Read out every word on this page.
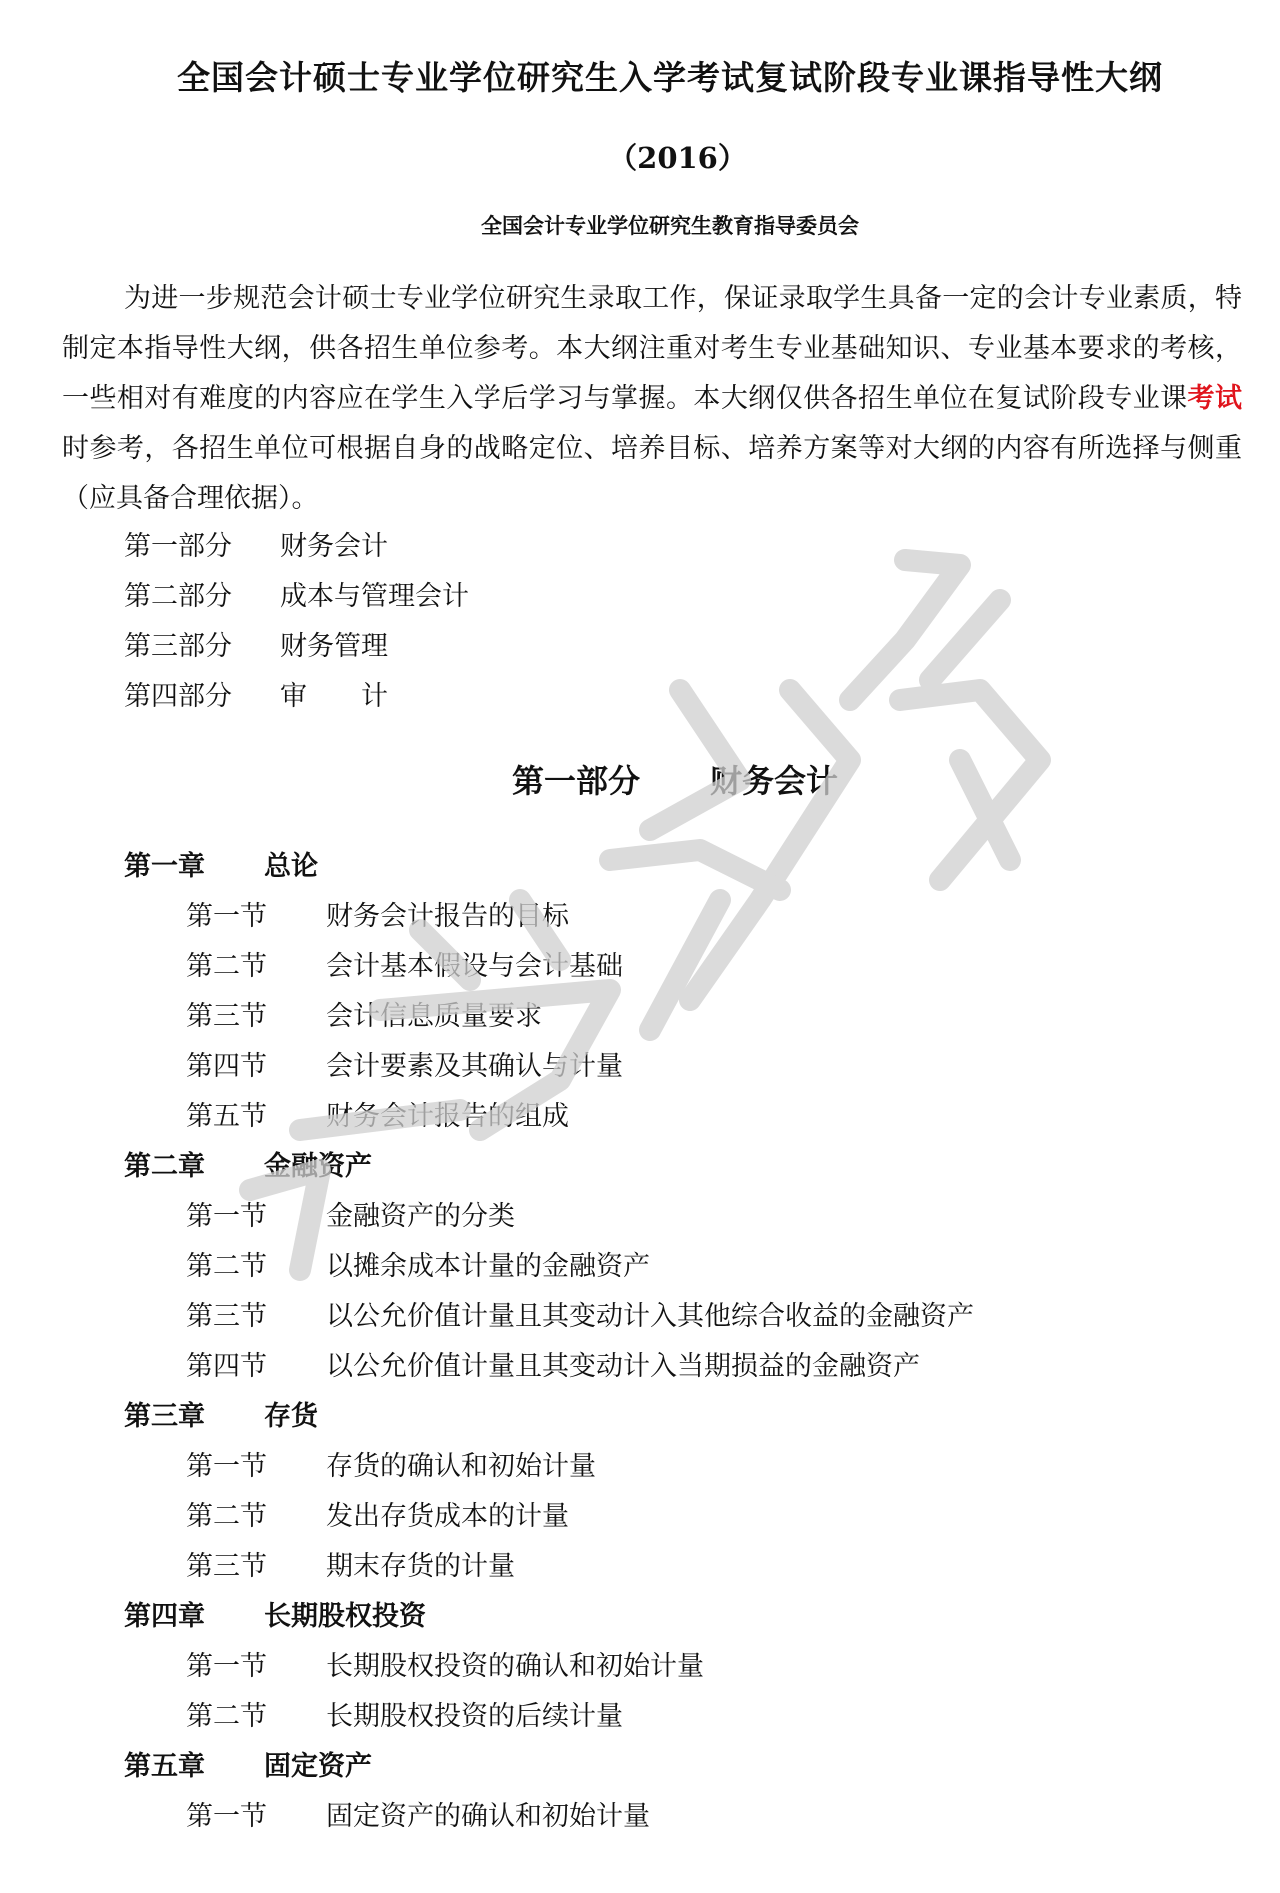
全国会计硕士专业学位研究生入学考试复试阶段专业课指导性大纲
（2016）
全国会计专业学位研究生教育指导委员会

为进一步规范会计硕士专业学位研究生录取工作，保证录取学生具备一定的会计专业素质，特制定本指导性大纲，供各招生单位参考。本大纲注重对考生专业基础知识、专业基本要求的考核，一些相对有难度的内容应在学生入学后学习与掌握。本大纲仅供各招生单位在复试阶段专业课考试时参考，各招生单位可根据自身的战略定位、培养目标、培养方案等对大纲的内容有所选择与侧重（应具备合理依据）。

第一部分	财务会计
第二部分	成本与管理会计
第三部分	财务管理
第四部分	审　　计
第一部分 财务会计
第一章	总论
第一节	财务会计报告的目标
第二节	会计基本假设与会计基础
第三节	会计信息质量要求
第四节	会计要素及其确认与计量
第五节	财务会计报告的组成
第二章	金融资产
第一节	金融资产的分类
第二节	以摊余成本计量的金融资产
第三节	以公允价值计量且其变动计入其他综合收益的金融资产
第四节	以公允价值计量且其变动计入当期损益的金融资产
第三章	存货
第一节	存货的确认和初始计量
第二节	发出存货成本的计量
第三节	期末存货的计量
第四章	长期股权投资
第一节	长期股权投资的确认和初始计量
第二节	长期股权投资的后续计量
第五章	固定资产
第一节	固定资产的确认和初始计量
